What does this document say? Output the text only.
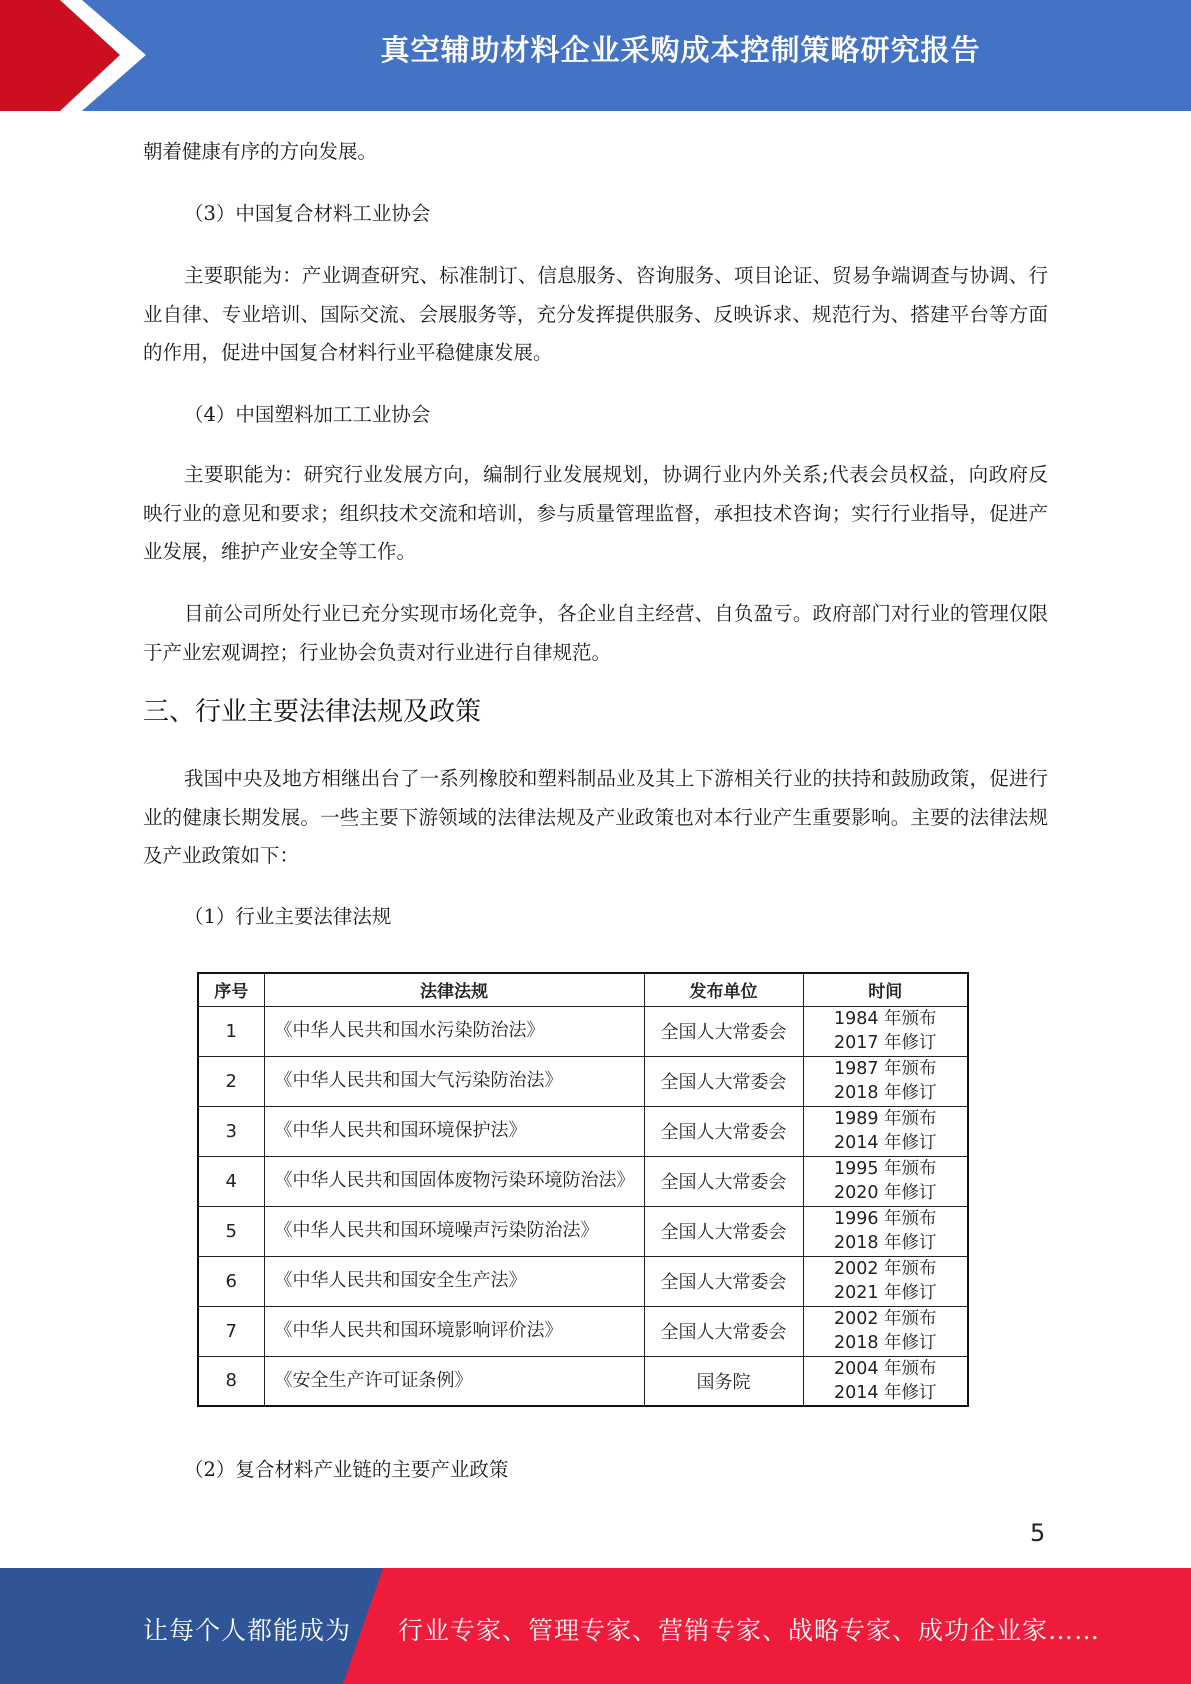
真空辅助材料企业采购成本控制策略研究报告
朝着健康有序的方向发展。
（3）中国复合材料工业协会
主要职能为：产业调查研究、标准制订、信息服务、咨询服务、项目论证、贸易争端调查与协调、行业自律、专业培训、国际交流、会展服务等，充分发挥提供服务、反映诉求、规范行为、搭建平台等方面的作用，促进中国复合材料行业平稳健康发展。
（4）中国塑料加工工业协会
主要职能为：研究行业发展方向，编制行业发展规划，协调行业内外关系;代表会员权益，向政府反映行业的意见和要求；组织技术交流和培训，参与质量管理监督，承担技术咨询；实行行业指导，促进产业发展，维护产业安全等工作。
目前公司所处行业已充分实现市场化竞争，各企业自主经营、自负盈亏。政府部门对行业的管理仅限于产业宏观调控；行业协会负责对行业进行自律规范。
三、行业主要法律法规及政策
我国中央及地方相继出台了一系列橡胶和塑料制品业及其上下游相关行业的扶持和鼓励政策，促进行业的健康长期发展。一些主要下游领域的法律法规及产业政策也对本行业产生重要影响。主要的法律法规及产业政策如下：
（1）行业主要法律法规
序号	法律法规	发布单位	时间
1	《中华人民共和国水污染防治法》	全国人大常委会	1984 年颁布
2017 年修订

2	《中华人民共和国大气污染防治法》	全国人大常委会	1987 年颁布
2018 年修订

3	《中华人民共和国环境保护法》	全国人大常委会	1989 年颁布
2014 年修订

4	《中华人民共和国固体废物污染环境防治法》	全国人大常委会	1995 年颁布
2020 年修订

5	《中华人民共和国环境噪声污染防治法》	全国人大常委会	1996 年颁布
2018 年修订

6	《中华人民共和国安全生产法》	全国人大常委会	2002 年颁布
2021 年修订

7	《中华人民共和国环境影响评价法》	全国人大常委会	2002 年颁布
2018 年修订

8	《安全生产许可证条例》	国务院	2004 年颁布
2014 年修订
（2）复合材料产业链的主要产业政策
5
让每个人都能成为 行业专家、管理专家、营销专家、战略专家、成功企业家……
